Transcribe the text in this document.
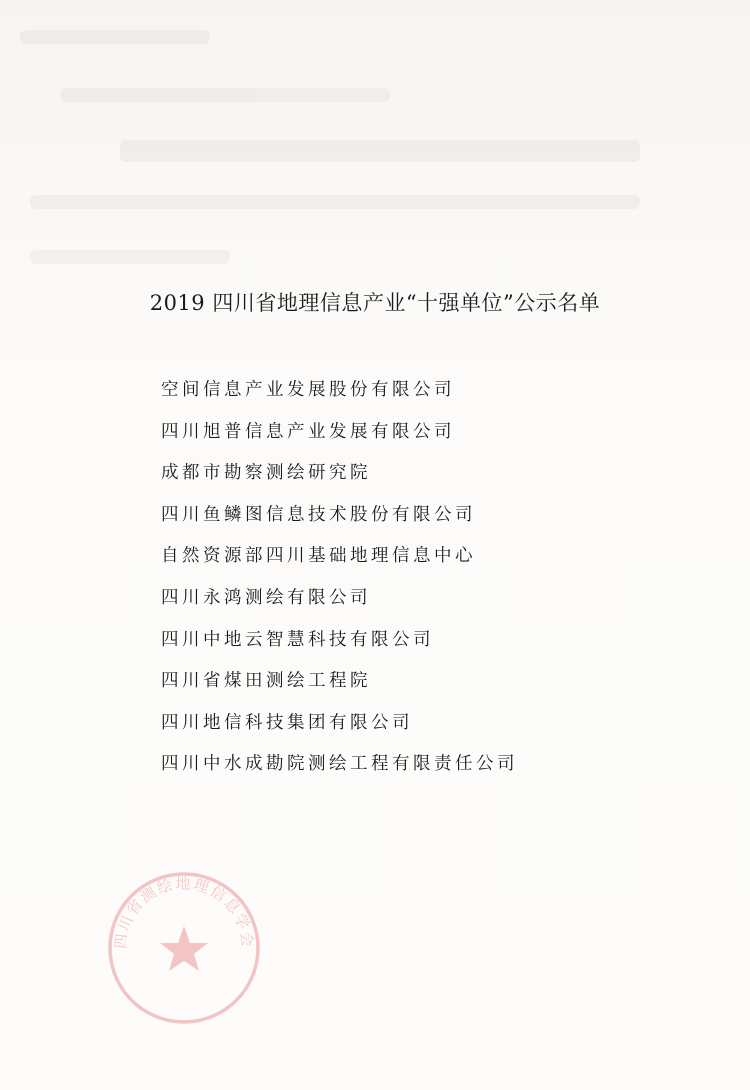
2019 四川省地理信息产业“十强单位”公示名单
空间信息产业发展股份有限公司
四川旭普信息产业发展有限公司
成都市勘察测绘研究院
四川鱼鳞图信息技术股份有限公司
自然资源部四川基础地理信息中心
四川永鸿测绘有限公司
四川中地云智慧科技有限公司
四川省煤田测绘工程院
四川地信科技集团有限公司
四川中水成勘院测绘工程有限责任公司
四川省测绘地理信息学会
